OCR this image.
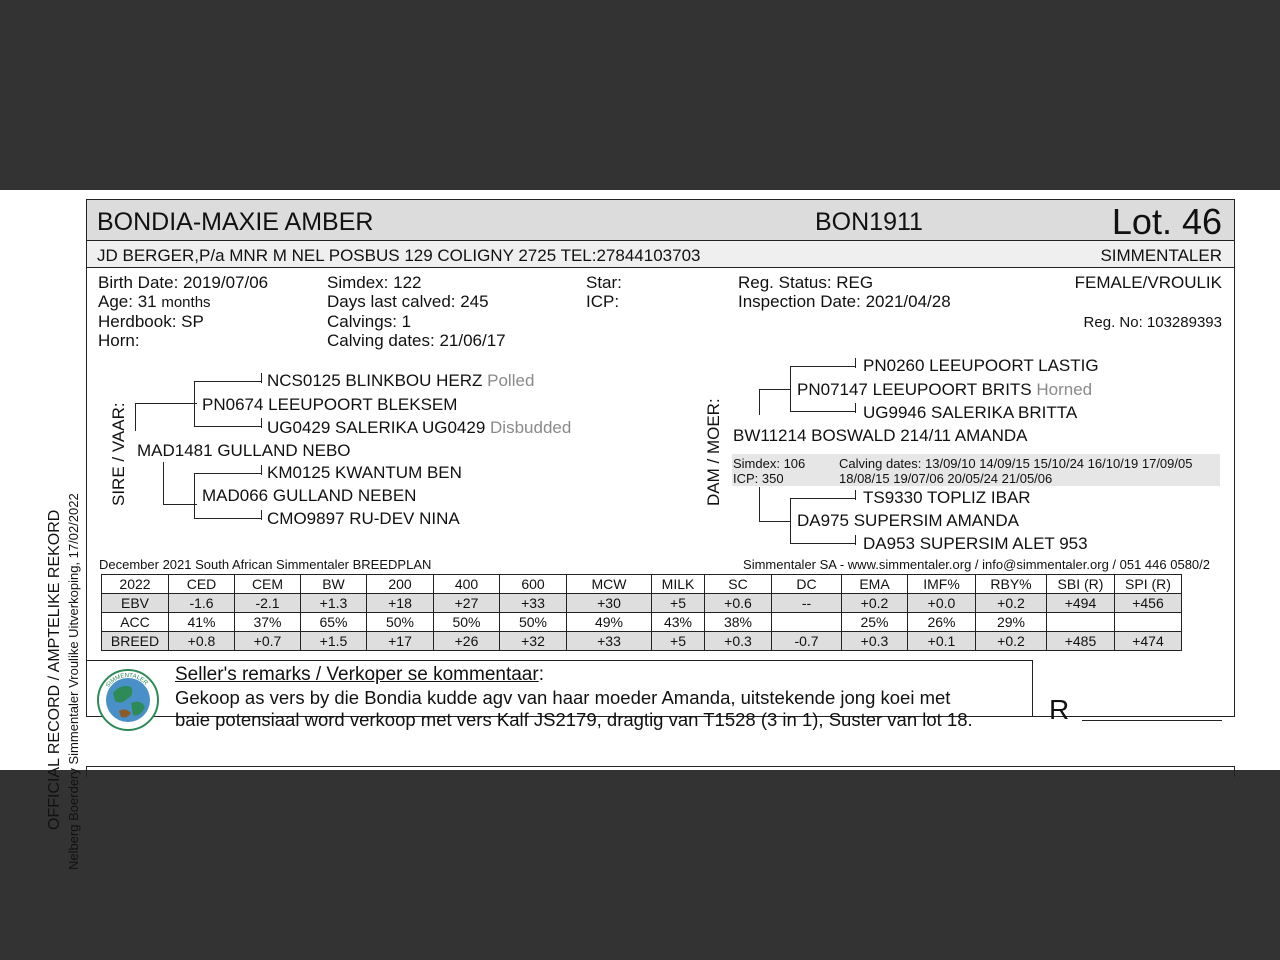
OFFICIAL RECORD / AMPTELIKE REKORD Nelberg Boerdery Simmentaler Vroulike Uitverkoping, 17/02/2022
BONDIA-MAXIE AMBER	BON1911	Lot. 46
JD BERGER,P/a MNR M NEL POSBUS 129 COLIGNY 2725 TEL:27844103703	SIMMENTALER
Birth Date: 2019/07/06
Age: 31 months
Herdbook: SP
Horn:
Simdex: 122
Days last calved: 245
Calvings: 1
Calving dates: 21/06/17
Star:
ICP:
Reg. Status: REG
Inspection Date: 2021/04/28
FEMALE/VROULIK
Reg. No: 103289393
SIRE / VAAR:
NCS0125 BLINKBOU HERZ Polled
UG0429 SALERIKA UG0429 Disbudded
PN0674 LEEUPOORT BLEKSEM
MAD1481 GULLAND NEBO
KM0125 KWANTUM BEN
MAD066 GULLAND NEBEN
CMO9897 RU-DEV NINA
DAM / MOER:
PN0260 LEEUPOORT LASTIG
PN07147 LEEUPOORT BRITS Horned
UG9946 SALERIKA BRITTA
BW11214 BOSWALD 214/11 AMANDA
Simdex: 106
ICP: 350
Calving dates: 13/09/10 14/09/15 15/10/24 16/10/19 17/09/05
18/08/15 19/07/06 20/05/24 21/05/06
TS9330 TOPLIZ IBAR
DA975 SUPERSIM AMANDA
DA953 SUPERSIM ALET 953
December 2021 South African Simmentaler BREEDPLAN	Simmentaler SA - www.simmentaler.org / info@simmentaler.org / 051 446 0580/2
2022	CED	CEM	BW	200	400	600	MCW	MILK	SC	DC	EMA	IMF%	RBY%	SBI (R)	SPI (R)
EBV	-1.6	-2.1	+1.3	+18	+27	+33	+30	+5	+0.6	--	+0.2	+0.0	+0.2	+494	+456
ACC	41%	37%	65%	50%	50%	50%	49%	43%	38%		25%	26%	29%		
BREED	+0.8	+0.7	+1.5	+17	+26	+32	+33	+5	+0.3	-0.7	+0.3	+0.1	+0.2	+485	+474
SIMMENTALER Seller's remarks / Verkoper se kommentaar:
Gekoop as vers by die Bondia kudde agv van haar moeder Amanda, uitstekende jong koei met
baie potensiaal word verkoop met vers Kalf JS2179, dragtig van T1528 (3 in 1), Suster van lot 18.	R
